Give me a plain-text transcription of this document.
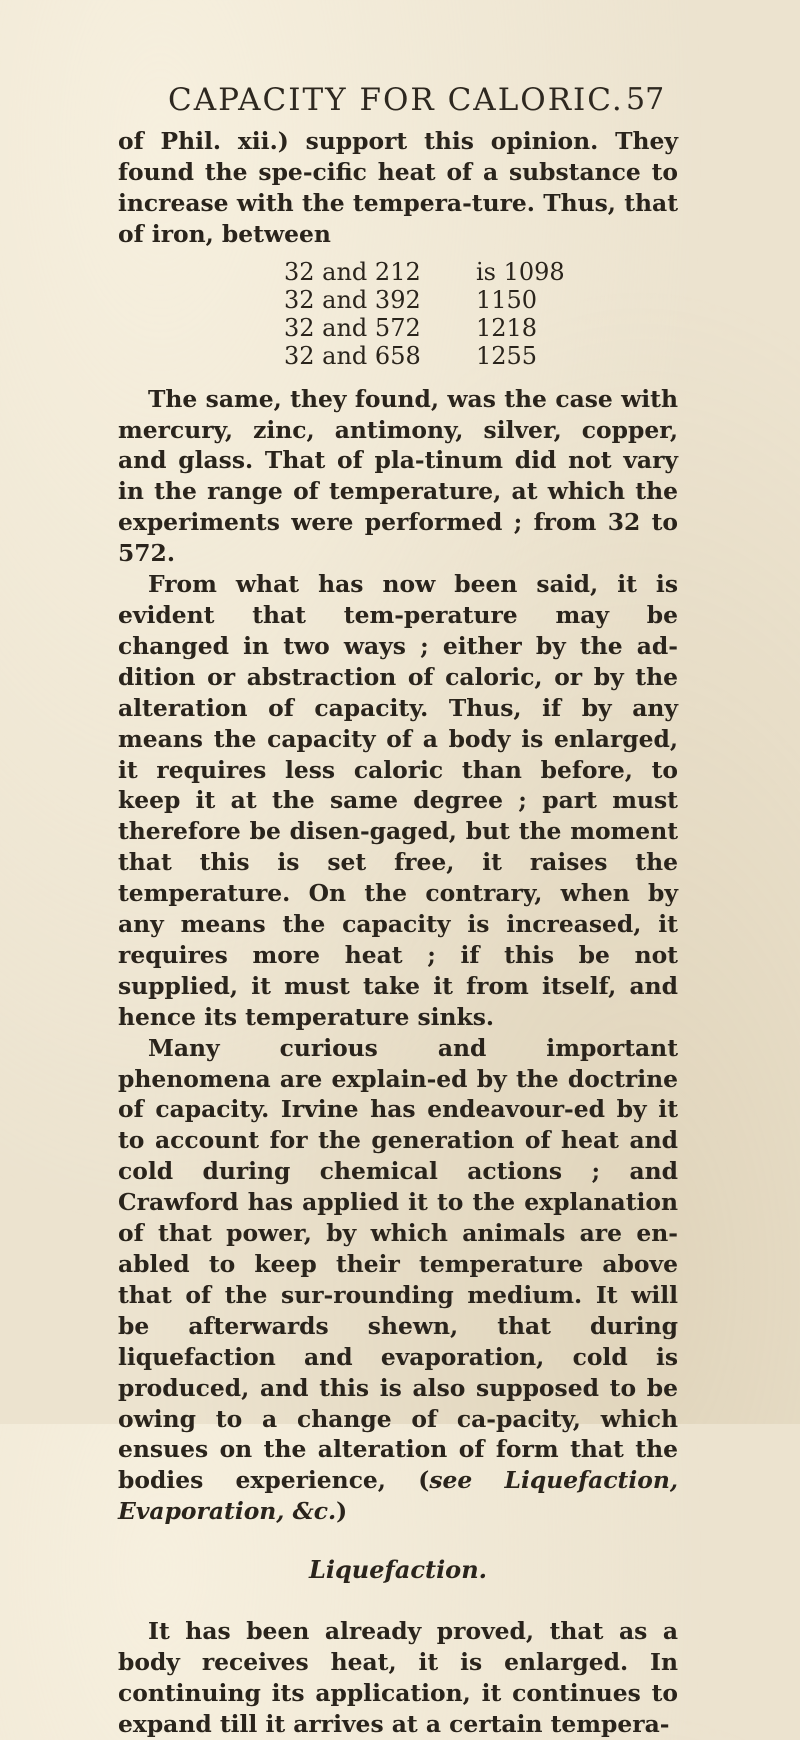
CAPACITY FOR CALORIC. 57

of Phil. xii.) support this opinion. They found the spe-cific heat of a substance to increase with the tempera-ture. Thus, that of iron, between

32 and 212	is 1098
32 and 392	1150
32 and 572	1218
32 and 658	1255

The same, they found, was the case with mercury, zinc, antimony, silver, copper, and glass. That of pla-tinum did not vary in the range of temperature, at which the experiments were performed ; from 32 to 572.

From what has now been said, it is evident that tem-perature may be changed in two ways ; either by the ad-dition or abstraction of caloric, or by the alteration of capacity. Thus, if by any means the capacity of a body is enlarged, it requires less caloric than before, to keep it at the same degree ; part must therefore be disen-gaged, but the moment that this is set free, it raises the temperature. On the contrary, when by any means the capacity is increased, it requires more heat ; if this be not supplied, it must take it from itself, and hence its temperature sinks.

Many curious and important phenomena are explain-ed by the doctrine of capacity. Irvine has endeavour-ed by it to account for the generation of heat and cold during chemical actions ; and Crawford has applied it to the explanation of that power, by which animals are en-abled to keep their temperature above that of the sur-rounding medium. It will be afterwards shewn, that during liquefaction and evaporation, cold is produced, and this is also supposed to be owing to a change of ca-pacity, which ensues on the alteration of form that the bodies experience, (see Liquefaction, Evaporation, &c.)

Liquefaction.

It has been already proved, that as a body receives heat, it is enlarged. In continuing its application, it continues to expand till it arrives at a certain tempera-
